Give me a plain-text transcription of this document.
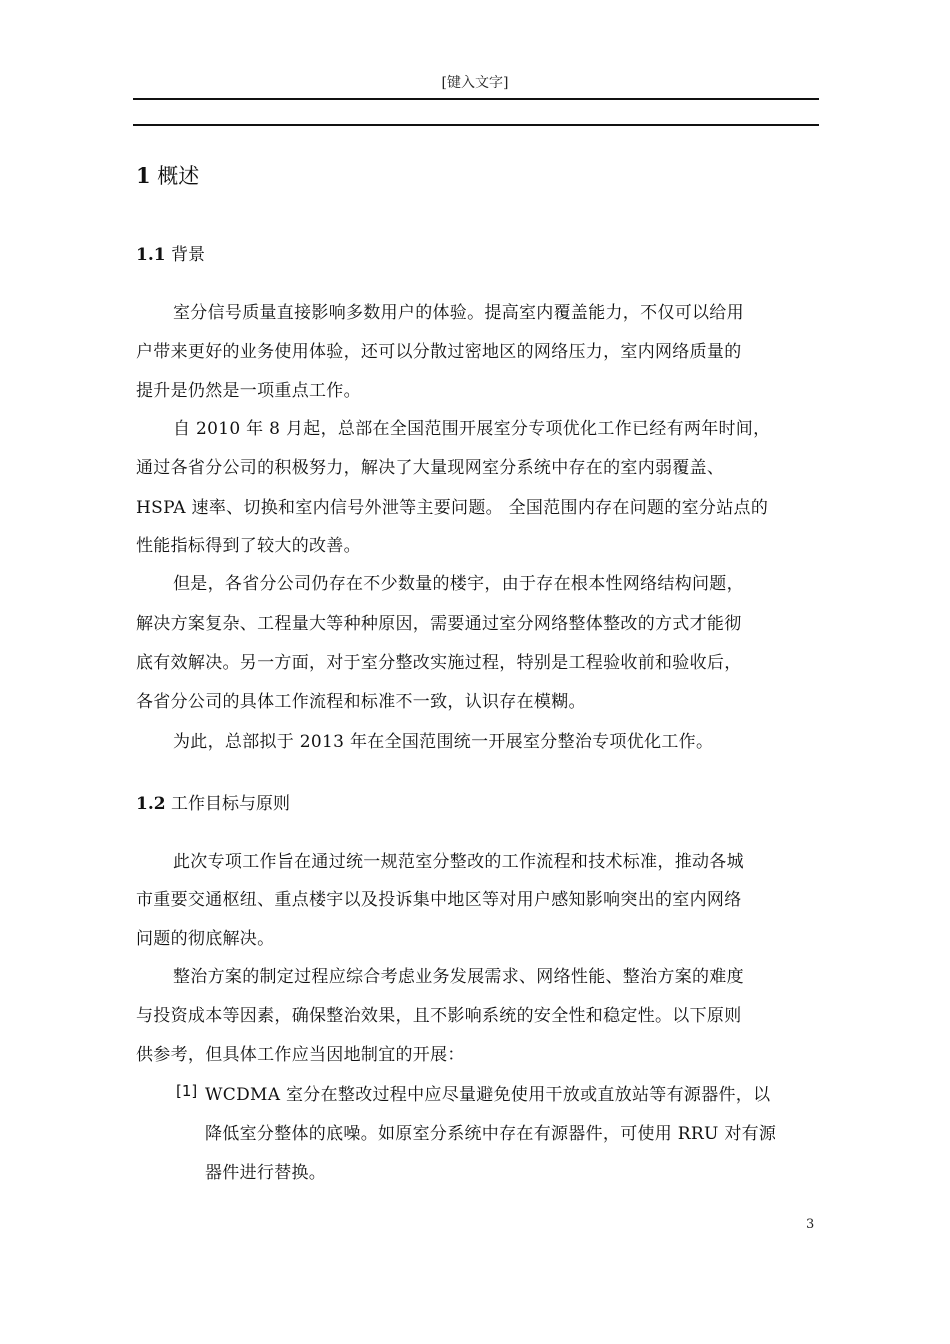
[键入文字]
1 概述
1.1 背景
室分信号质量直接影响多数用户的体验。提高室内覆盖能力，不仅可以给用
户带来更好的业务使用体验，还可以分散过密地区的网络压力，室内网络质量的
提升是仍然是一项重点工作。
自 2010 年 8 月起，总部在全国范围开展室分专项优化工作已经有两年时间，
通过各省分公司的积极努力，解决了大量现网室分系统中存在的室内弱覆盖、
HSPA 速率、切换和室内信号外泄等主要问题。 全国范围内存在问题的室分站点的
性能指标得到了较大的改善。
但是，各省分公司仍存在不少数量的楼宇，由于存在根本性网络结构问题，
解决方案复杂、工程量大等种种原因，需要通过室分网络整体整改的方式才能彻
底有效解决。另一方面，对于室分整改实施过程，特别是工程验收前和验收后，
各省分公司的具体工作流程和标准不一致，认识存在模糊。
为此，总部拟于 2013 年在全国范围统一开展室分整治专项优化工作。
1.2 工作目标与原则
此次专项工作旨在通过统一规范室分整改的工作流程和技术标准，推动各城
市重要交通枢纽、重点楼宇以及投诉集中地区等对用户感知影响突出的室内网络
问题的彻底解决。
整治方案的制定过程应综合考虑业务发展需求、网络性能、整治方案的难度
与投资成本等因素，确保整治效果，且不影响系统的安全性和稳定性。以下原则
供参考，但具体工作应当因地制宜的开展：
[1] WCDMA 室分在整改过程中应尽量避免使用干放或直放站等有源器件，以
降低室分整体的底噪。如原室分系统中存在有源器件，可使用 RRU 对有源
器件进行替换。
3
